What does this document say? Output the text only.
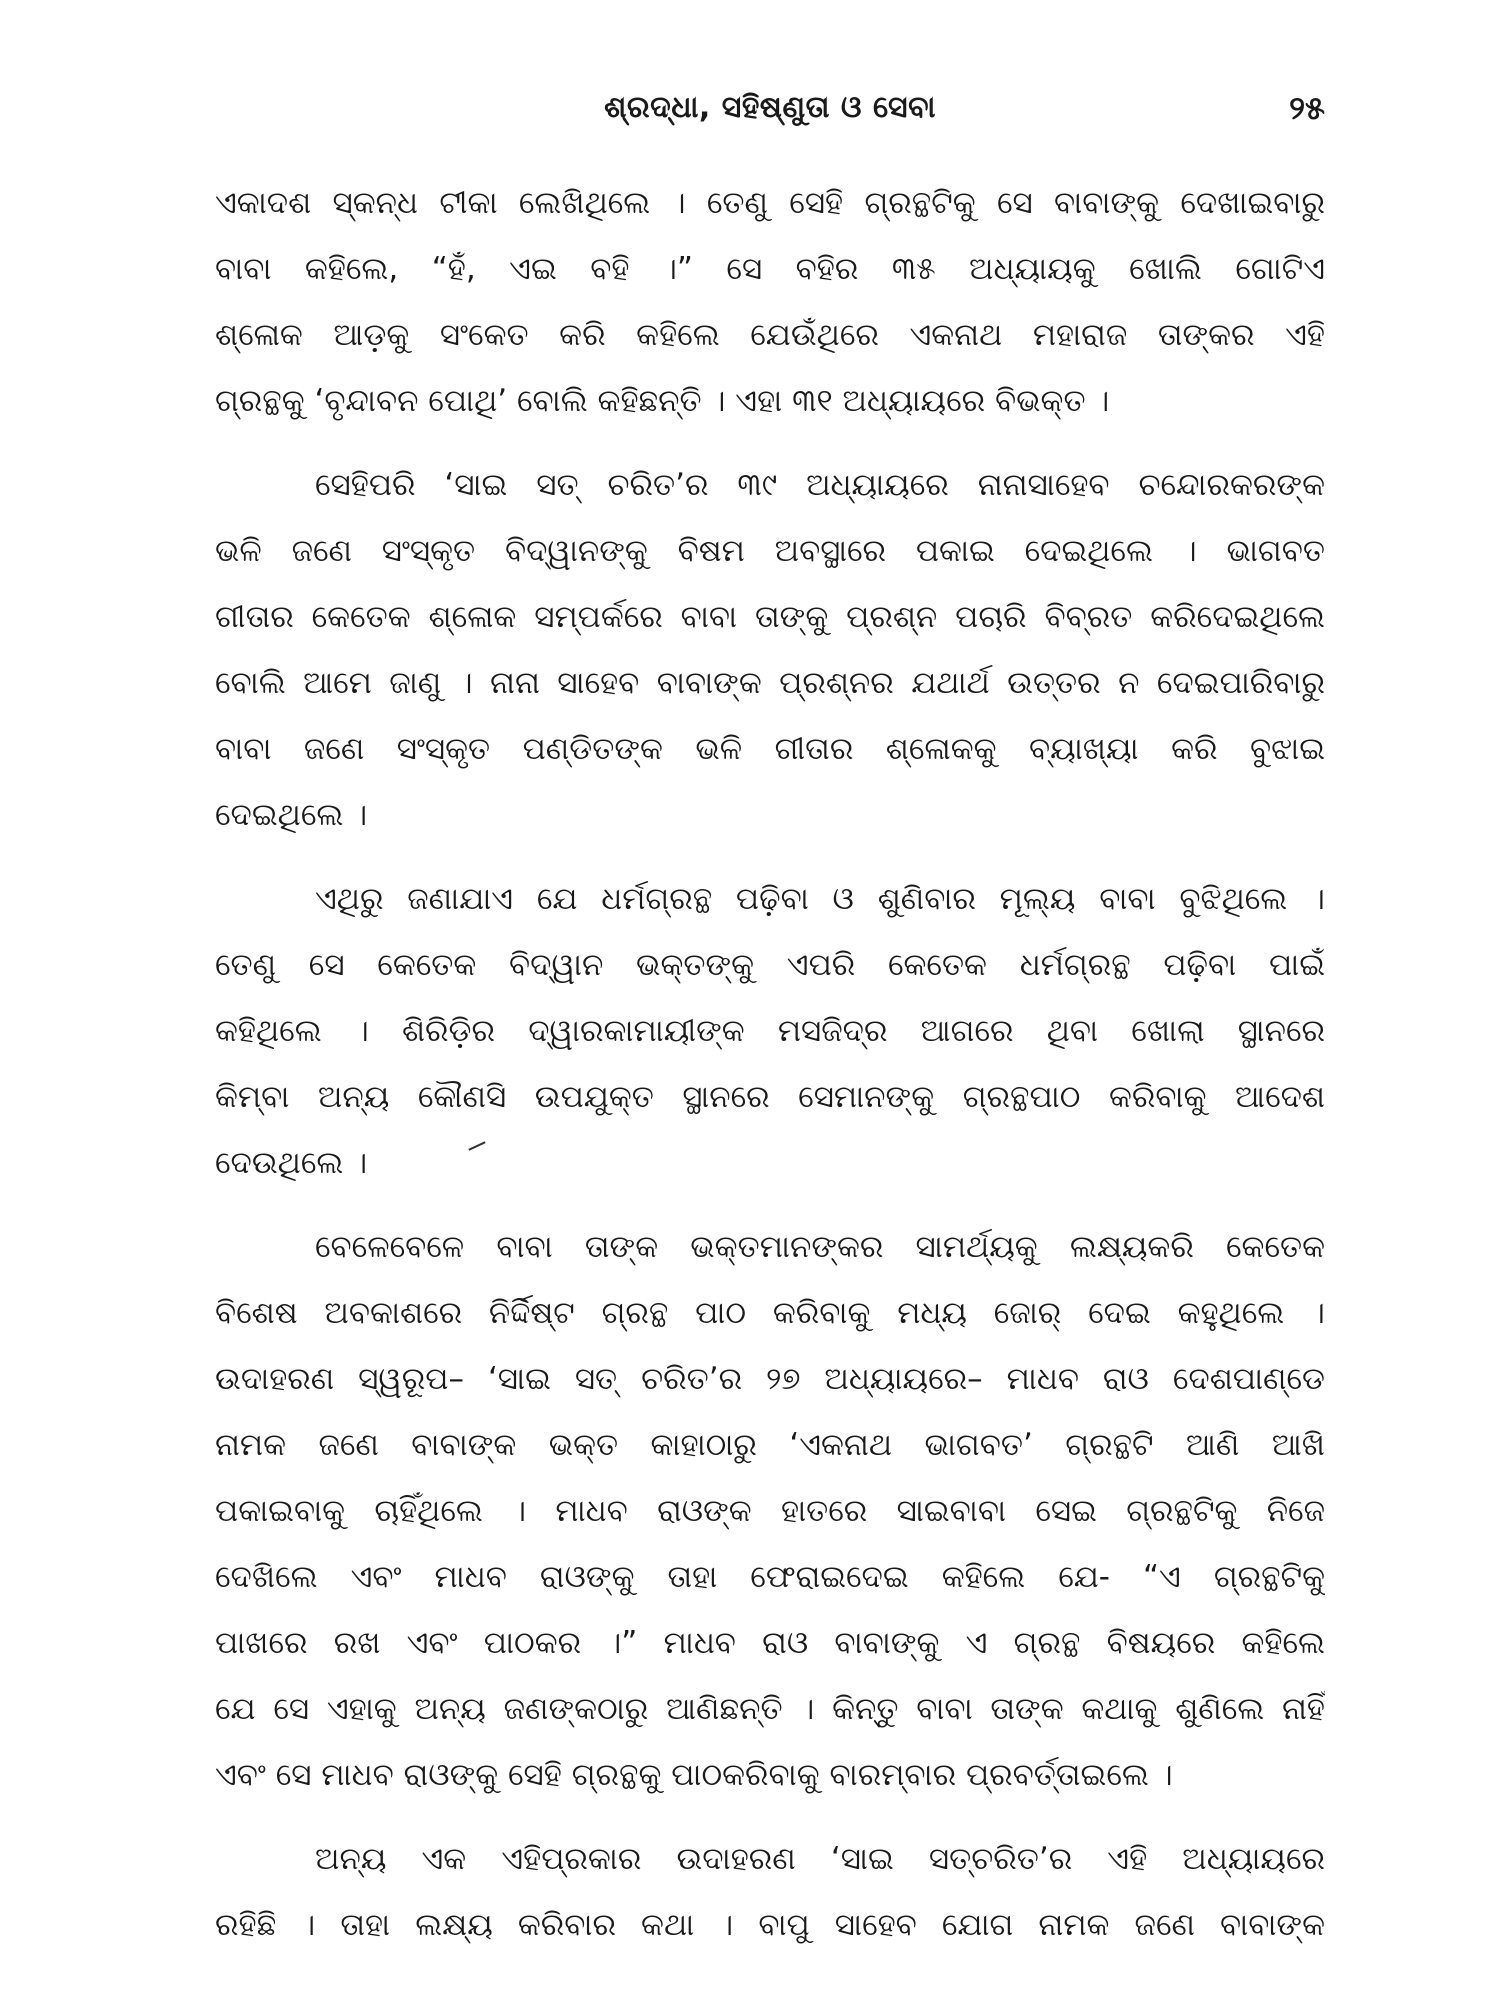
ଶ୍ରଦ୍ଧା, ସହିଷ୍ଣୁତା ଓ ସେବା	୨୫
ଏକାଦଶ ସ୍କନ୍ଧ ଟୀକା ଲେଖିଥିଲେ । ତେଣୁ ସେହି ଗ୍ରନ୍ଥଟିକୁ ସେ ବାବାଙ୍କୁ ଦେଖାଇବାରୁ
ବାବା କହିଲେ, “ହଁ, ଏଇ ବହି ।” ସେ ବହିର ୩୫ ଅଧ୍ୟାୟକୁ ଖୋଲି ଗୋଟିଏ
ଶ୍ଳୋକ ଆଡ଼କୁ ସଂକେତ କରି କହିଲେ ଯେଉଁଥିରେ ଏକନାଥ ମହାରାଜ ତାଙ୍କର ଏହି
ଗ୍ରନ୍ଥକୁ ‘ବୃନ୍ଦାବନ ପୋଥି’ ବୋଲି କହିଛନ୍ତି । ଏହା ୩୧ ଅଧ୍ୟାୟରେ ବିଭକ୍ତ ।
ସେହିପରି ‘ସାଇ ସତ୍ ଚରିତ’ର ୩୯ ଅଧ୍ୟାୟରେ ନାନାସାହେବ ଚନ୍ଦୋରକରଙ୍କ
ଭଳି ଜଣେ ସଂସ୍କୃତ ବିଦ୍ୱାନଙ୍କୁ ବିଷମ ଅବସ୍ଥାରେ ପକାଇ ଦେଇଥିଲେ । ଭାଗବତ
ଗୀତାର କେତେକ ଶ୍ଳୋକ ସମ୍ପର୍କରେ ବାବା ତାଙ୍କୁ ପ୍ରଶ୍ନ ପଚାରି ବିବ୍ରତ କରିଦେଇଥିଲେ
ବୋଲି ଆମେ ଜାଣୁ । ନାନା ସାହେବ ବାବାଙ୍କ ପ୍ରଶ୍ନର ଯଥାର୍ଥ ଉତ୍ତର ନ ଦେଇପାରିବାରୁ
ବାବା ଜଣେ ସଂସ୍କୃତ ପଣ୍ଡିତଙ୍କ ଭଳି ଗୀତାର ଶ୍ଳୋକକୁ ବ୍ୟାଖ୍ୟା କରି ବୁଝାଇ
ଦେଇଥିଲେ ।
ଏଥିରୁ ଜଣାଯାଏ ଯେ ଧର୍ମଗ୍ରନ୍ଥ ପଢ଼ିବା ଓ ଶୁଣିବାର ମୂଲ୍ୟ ବାବା ବୁଝିଥିଲେ ।
ତେଣୁ ସେ କେତେକ ବିଦ୍ୱାନ ଭକ୍ତଙ୍କୁ ଏପରି କେତେକ ଧର୍ମଗ୍ରନ୍ଥ ପଢ଼ିବା ପାଇଁ
କହିଥିଲେ । ଶିରିଡ଼ିର ଦ୍ୱାରକାମାୟୀଙ୍କ ମସଜିଦ୍‌ର ଆଗରେ ଥିବା ଖୋଲା ସ୍ଥାନରେ
କିମ୍ବା ଅନ୍ୟ କୌଣସି ଉପଯୁକ୍ତ ସ୍ଥାନରେ ସେମାନଙ୍କୁ ଗ୍ରନ୍ଥପାଠ କରିବାକୁ ଆଦେଶ
ଦେଉଥିଲେ ।
ବେଳେବେଳେ ବାବା ତାଙ୍କ ଭକ୍ତମାନଙ୍କର ସାମର୍ଥ୍ୟକୁ ଲକ୍ଷ୍ୟକରି କେତେକ
ବିଶେଷ ଅବକାଶରେ ନିର୍ଦ୍ଦିଷ୍ଟ ଗ୍ରନ୍ଥ ପାଠ କରିବାକୁ ମଧ୍ୟ ଜୋର୍ ଦେଇ କହୁଥିଲେ ।
ଉଦାହରଣ ସ୍ୱରୂପ– ‘ସାଇ ସତ୍ ଚରିତ’ର ୨୭ ଅଧ୍ୟାୟରେ– ମାଧବ ରାଓ ଦେଶପାଣ୍ଡେ
ନାମକ ଜଣେ ବାବାଙ୍କ ଭକ୍ତ କାହାଠାରୁ ‘ଏକନାଥ ଭାଗବତ’ ଗ୍ରନ୍ଥଟି ଆଣି ଆଖି
ପକାଇବାକୁ ଚାହିଁଥିଲେ । ମାଧବ ରାଓଙ୍କ ହାତରେ ସାଇବାବା ସେଇ ଗ୍ରନ୍ଥଟିକୁ ନିଜେ
ଦେଖିଲେ ଏବଂ ମାଧବ ରାଓଙ୍କୁ ତାହା ଫେରାଇଦେଇ କହିଲେ ଯେ- “ଏ ଗ୍ରନ୍ଥଟିକୁ
ପାଖରେ ରଖ ଏବଂ ପାଠକର ।” ମାଧବ ରାଓ ବାବାଙ୍କୁ ଏ ଗ୍ରନ୍ଥ ବିଷୟରେ କହିଲେ
ଯେ ସେ ଏହାକୁ ଅନ୍ୟ ଜଣଙ୍କଠାରୁ ଆଣିଛନ୍ତି । କିନ୍ତୁ ବାବା ତାଙ୍କ କଥାକୁ ଶୁଣିଲେ ନାହିଁ
ଏବଂ ସେ ମାଧବ ରାଓଙ୍କୁ ସେହି ଗ୍ରନ୍ଥକୁ ପାଠକରିବାକୁ ବାରମ୍ବାର ପ୍ରବର୍ତ୍ତାଇଲେ ।
ଅନ୍ୟ ଏକ ଏହିପ୍ରକାର ଉଦାହରଣ ‘ସାଇ ସତ୍‌ଚରିତ’ର ଏହି ଅଧ୍ୟାୟରେ
ରହିଛି । ତାହା ଲକ୍ଷ୍ୟ କରିବାର କଥା । ବାପୁ ସାହେବ ଯୋଗ ନାମକ ଜଣେ ବାବାଙ୍କ
